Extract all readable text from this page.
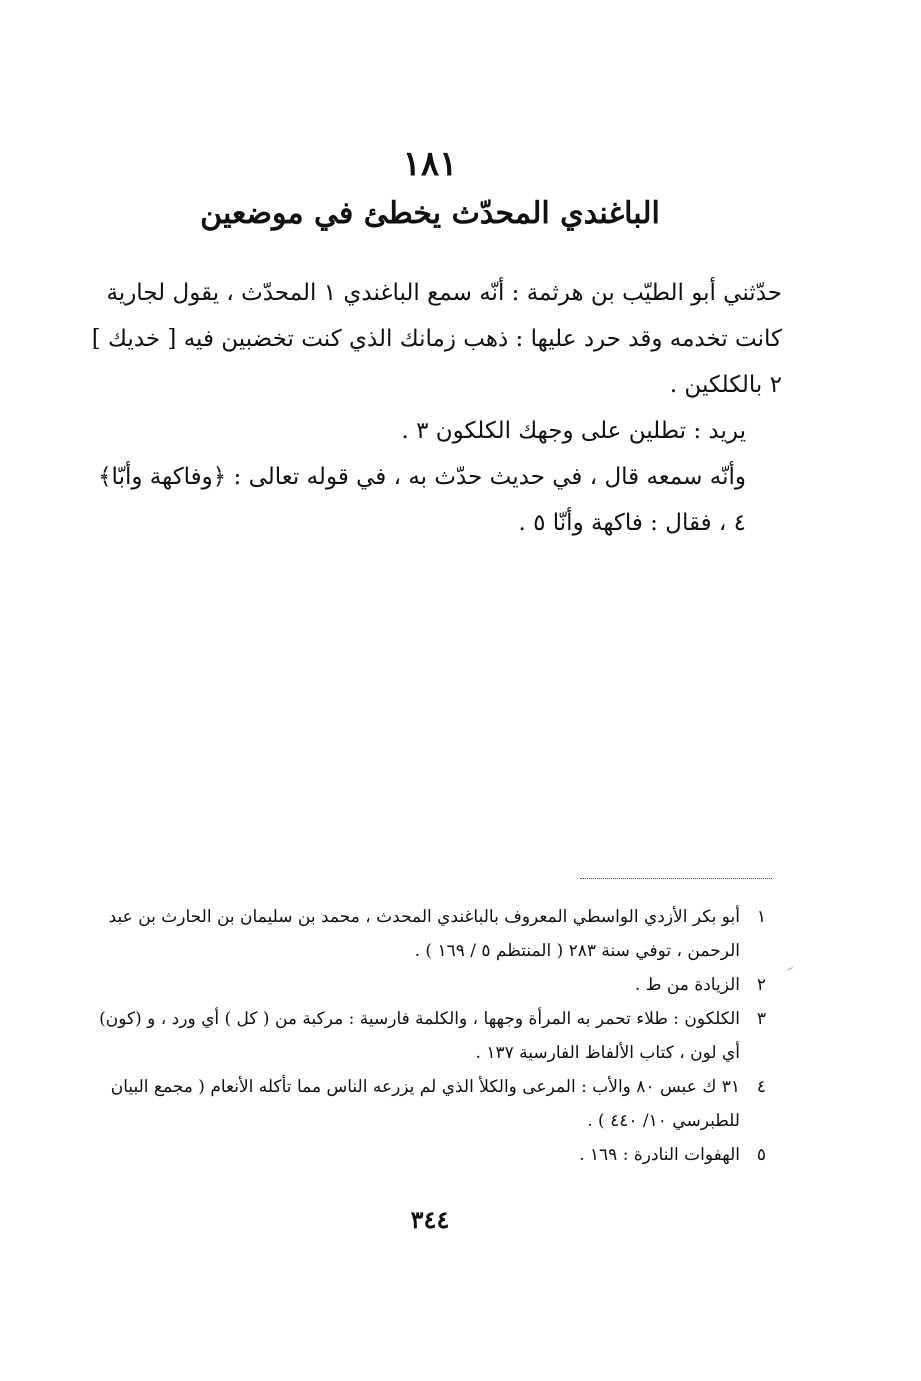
١٨١
الباغندي المحدّث يخطئ في موضعين

حدّثني أبو الطيّب بن هرثمة : أنّه سمع الباغندي ١ المحدّث ، يقول لجارية كانت تخدمه وقد حرد عليها : ذهب زمانك الذي كنت تخضبين فيه [ خديك ] ٢ بالكلكين .

يريد : تطلين على وجهك الكلكون ٣ .

وأنّه سمعه قال ، في حديث حدّث به ، في قوله تعالى : ﴿وفاكهة وأبّا﴾ ٤ ، فقال : فاكهة وأنّا ٥ .

١
أبو بكر الأزدي الواسطي المعروف بالباغندي المحدث ، محمد بن سليمان بن الحارث بن عبد الرحمن ، توفي سنة ٢٨٣ ( المنتظم ٥ / ١٦٩ ) .
٢
الزيادة من ط .
٣
الكلكون : طلاء تحمر به المرأة وجهها ، والكلمة فارسية : مركبة من ( كل ) أي ورد ، و (كون) أي لون ، كتاب الألفاظ الفارسية ١٣٧ .
٤
٣١ ك عبس ٨٠ والأب : المرعى والكلأ الذي لم يزرعه الناس مما تأكله الأنعام ( مجمع البيان للطبرسي ١٠/ ٤٤٠ ) .
٥
الهفوات النادرة : ١٦٩ .
٣٤٤
